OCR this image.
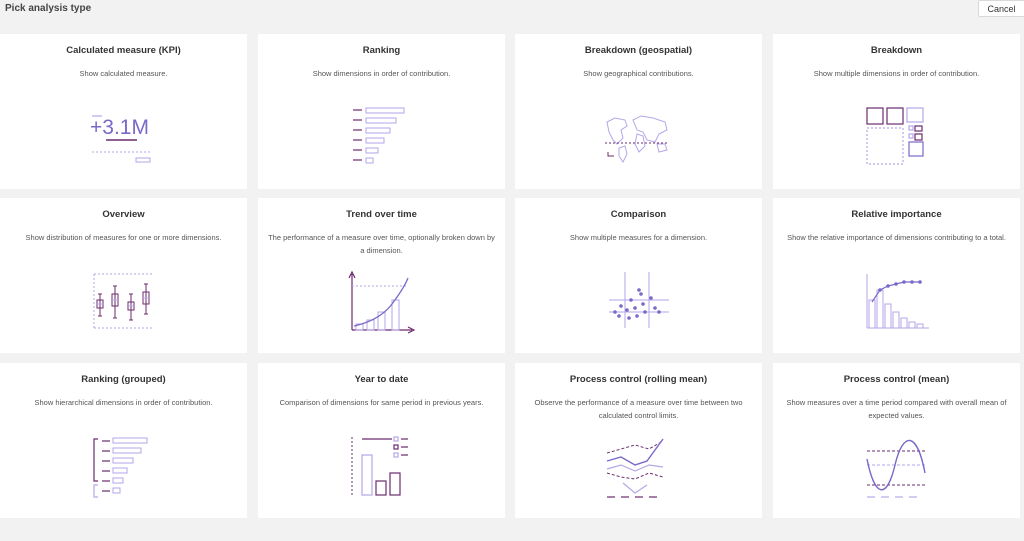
Pick analysis type	Cancel
Calculated measure (KPI)
Show calculated measure.
+3.1M
Ranking
Show dimensions in order of contribution.
Breakdown (geospatial)
Show geographical contributions.
Breakdown
Show multiple dimensions in order of contribution.
Overview
Show distribution of measures for one or more dimensions.
Trend over time
The performance of a measure over time, optionally broken down by a dimension.
Comparison
Show multiple measures for a dimension.
Relative importance
Show the relative importance of dimensions contributing to a total.
Ranking (grouped)
Show hierarchical dimensions in order of contribution.
Year to date
Comparison of dimensions for same period in previous years.
Process control (rolling mean)
Observe the performance of a measure over time between two calculated control limits.
Process control (mean)
Show measures over a time period compared with overall mean of expected values.
